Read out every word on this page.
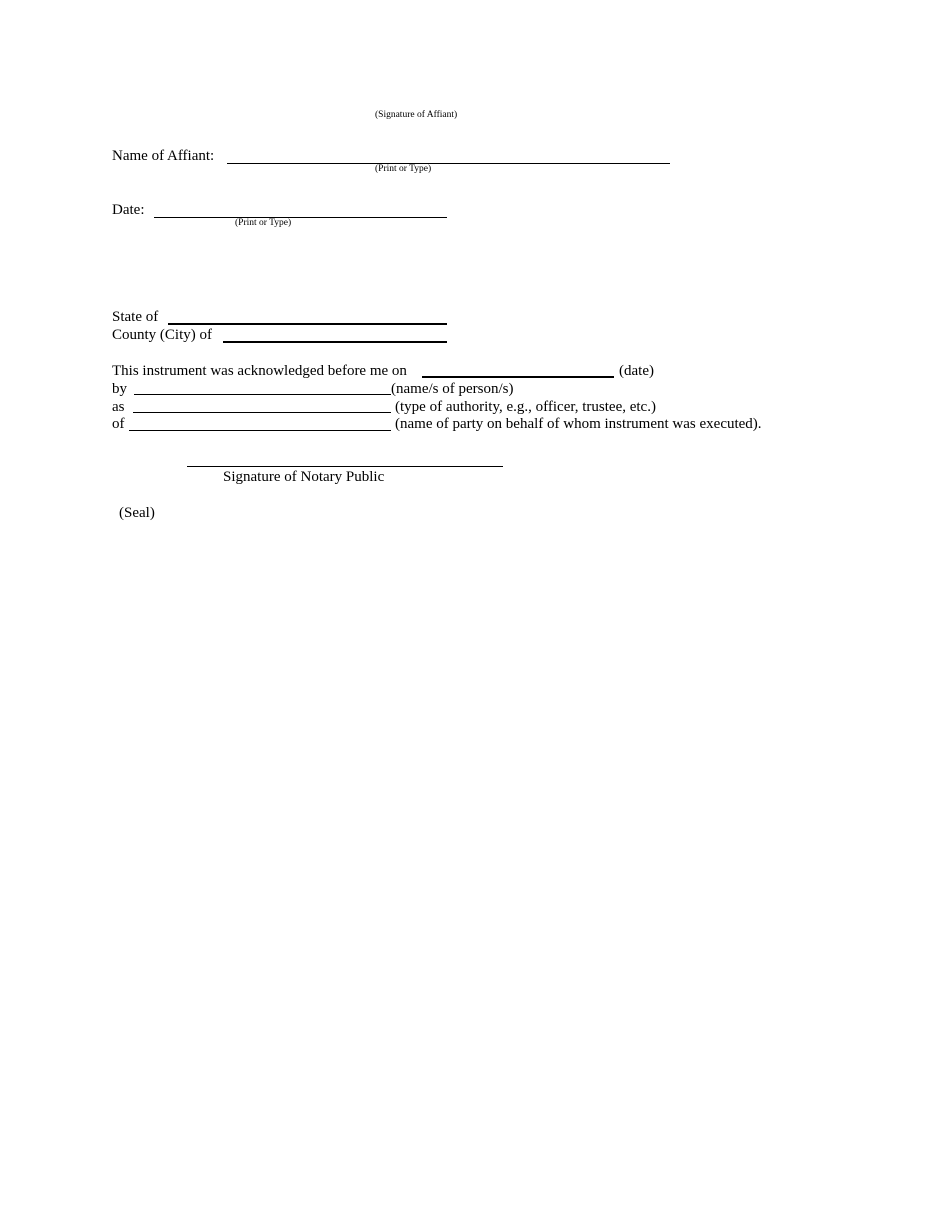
(Signature of Affiant)
Name of Affiant:
(Print or Type)
Date:
(Print or Type)
State of
County (City) of
This instrument was acknowledged before me on	(date)
by	(name/s of person/s)
as	(type of authority, e.g., officer, trustee, etc.)
of	(name of party on behalf of whom instrument was executed).
Signature of Notary Public
(Seal)
